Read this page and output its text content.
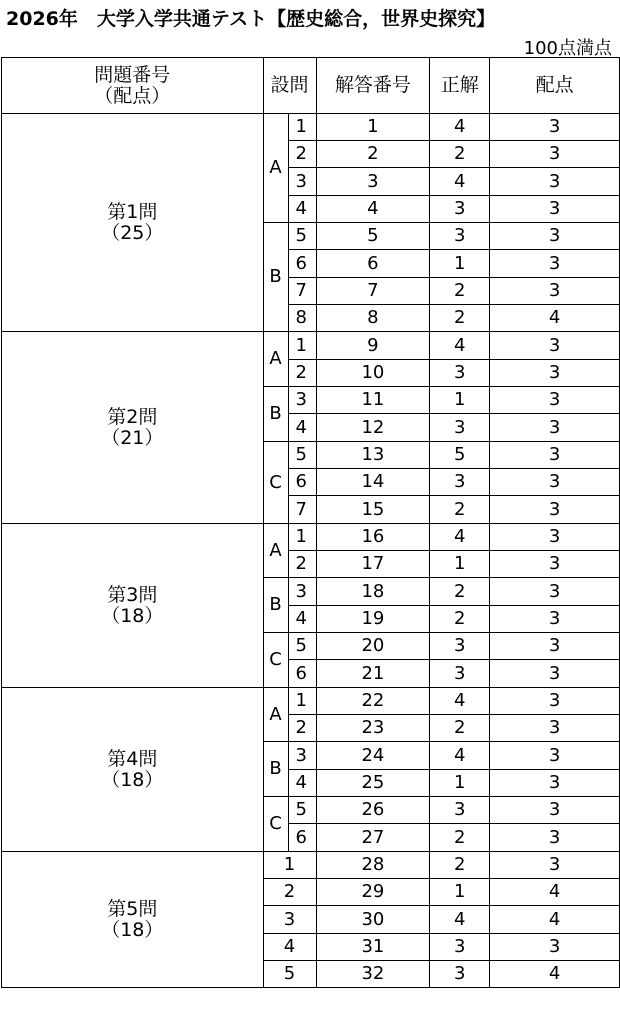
2026年　大学入学共通テスト【歴史総合，世界史探究】
100点満点
問題番号
（配点）	設問		解答番号	正解	配点

第1問
（25）	A	1	1	4	3
		2	2	2	3
		3	3	4	3
		4	4	3	3
	B	5	5	3	3
		6	6	1	3
		7	7	2	3
		8	8	2	4

第2問
（21）	A	1	9	4	3
		2	10	3	3
	B	3	11	1	3
		4	12	3	3
	C	5	13	5	3
		6	14	3	3
		7	15	2	3

第3問
（18）	A	1	16	4	3
		2	17	1	3
	B	3	18	2	3
		4	19	2	3
	C	5	20	3	3
		6	21	3	3

第4問
（18）	A	1	22	4	3
		2	23	2	3
	B	3	24	4	3
		4	25	1	3
	C	5	26	3	3
		6	27	2	3

第5問
（18）	1		28	2	3
	2		29	1	4
	3		30	4	4
	4		31	3	3
	5		32	3	4
